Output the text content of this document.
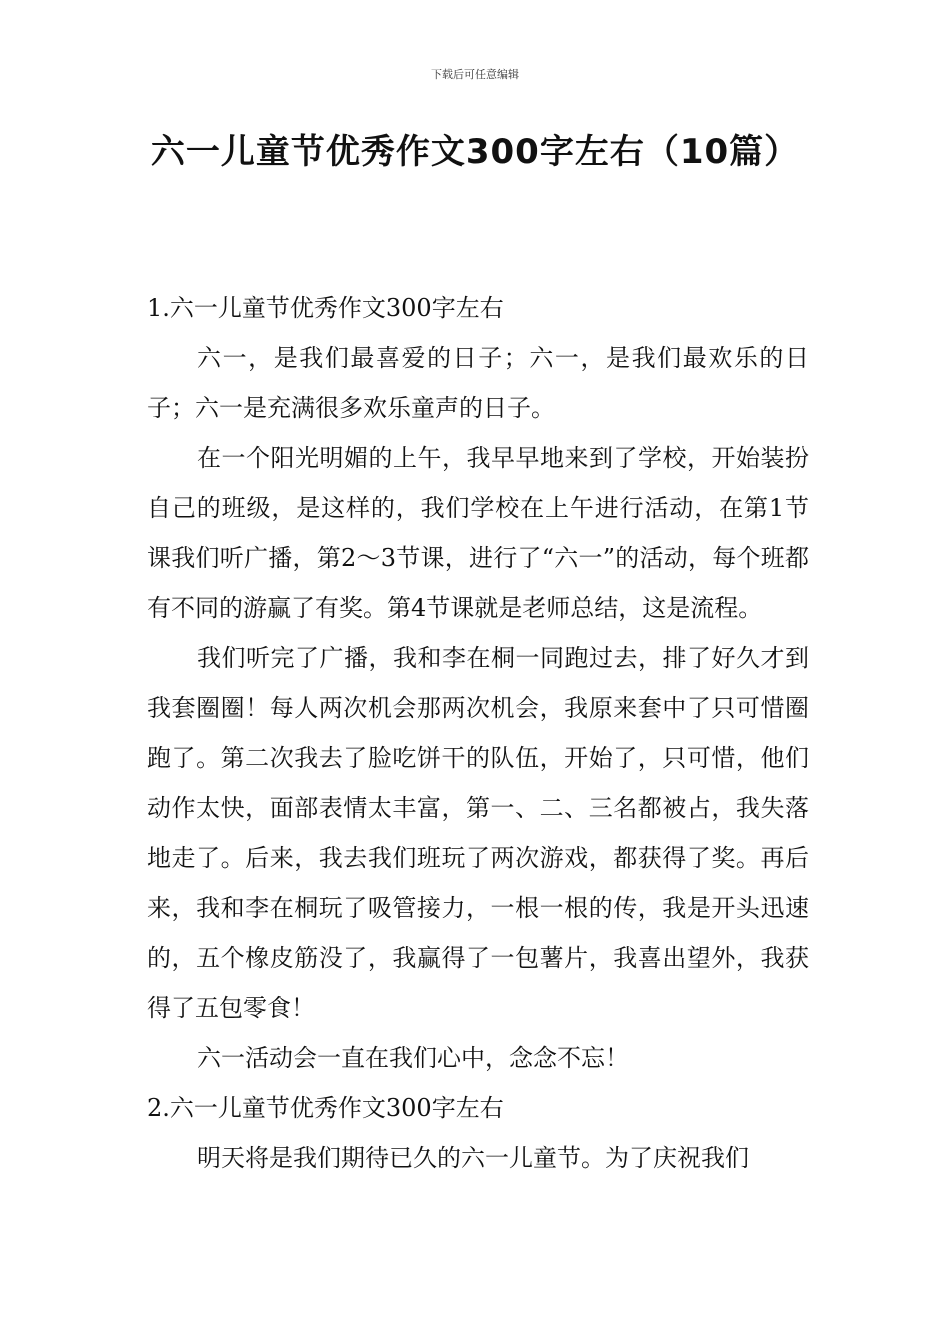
下载后可任意编辑
六一儿童节优秀作文300字左右（10篇）

1.六一儿童节优秀作文300字左右

六一，是我们最喜爱的日子；六一，是我们最欢乐的日子；六一是充满很多欢乐童声的日子。

在一个阳光明媚的上午，我早早地来到了学校，开始装扮自己的班级，是这样的，我们学校在上午进行活动，在第1节课我们听广播，第2～3节课，进行了“六一”的活动，每个班都有不同的游赢了有奖。第4节课就是老师总结，这是流程。

我们听完了广播，我和李在桐一同跑过去，排了好久才到我套圈圈！每人两次机会那两次机会，我原来套中了只可惜圈跑了。第二次我去了脸吃饼干的队伍，开始了，只可惜，他们动作太快，面部表情太丰富，第一、二、三名都被占，我失落地走了。后来，我去我们班玩了两次游戏，都获得了奖。再后来，我和李在桐玩了吸管接力，一根一根的传，我是开头迅速的，五个橡皮筋没了，我赢得了一包薯片，我喜出望外，我获得了五包零食！

六一活动会一直在我们心中，念念不忘！

2.六一儿童节优秀作文300字左右

明天将是我们期待已久的六一儿童节。为了庆祝我们
